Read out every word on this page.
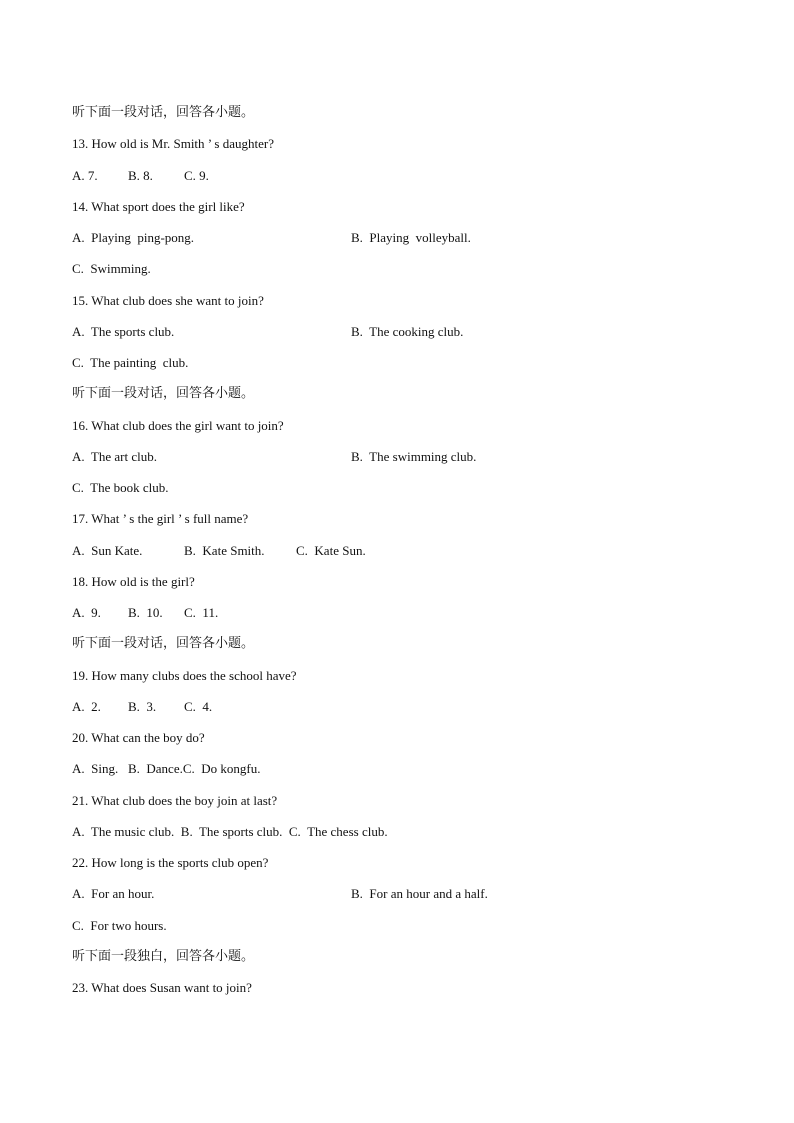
听下面一段对话，回答各小题。
13. How old is Mr. Smith ’ s daughter?
A. 7. B. 8. C. 9.
14. What sport does the girl like?
A.  Playing  ping-pong.	B.  Playing  volleyball.
C.  Swimming.
15. What club does she want to join?
A.  The sports club.	B.  The cooking club.
C.  The painting  club.
听下面一段对话，回答各小题。
16. What club does the girl want to join?
A.  The art club.	B.  The swimming club.
C.  The book club.
17. What ’ s the girl ’ s full name?
A.  Sun Kate.	B.  Kate Smith. C.  Kate Sun.
18. How old is the girl?
A.  9. B.  10. C.  11.
听下面一段对话，回答各小题。
19. How many clubs does the school have?
A.  2. B.  3. C.  4.
20. What can the boy do?
A.  Sing.   B.  Dance.C.  Do kongfu.
21. What club does the boy join at last?
A.  The music club.  B.  The sports club.  C.  The chess club.
22. How long is the sports club open?
A.  For an hour.	B.  For an hour and a half.
C.  For two hours.
听下面一段独白，回答各小题。
23. What does Susan want to join?
